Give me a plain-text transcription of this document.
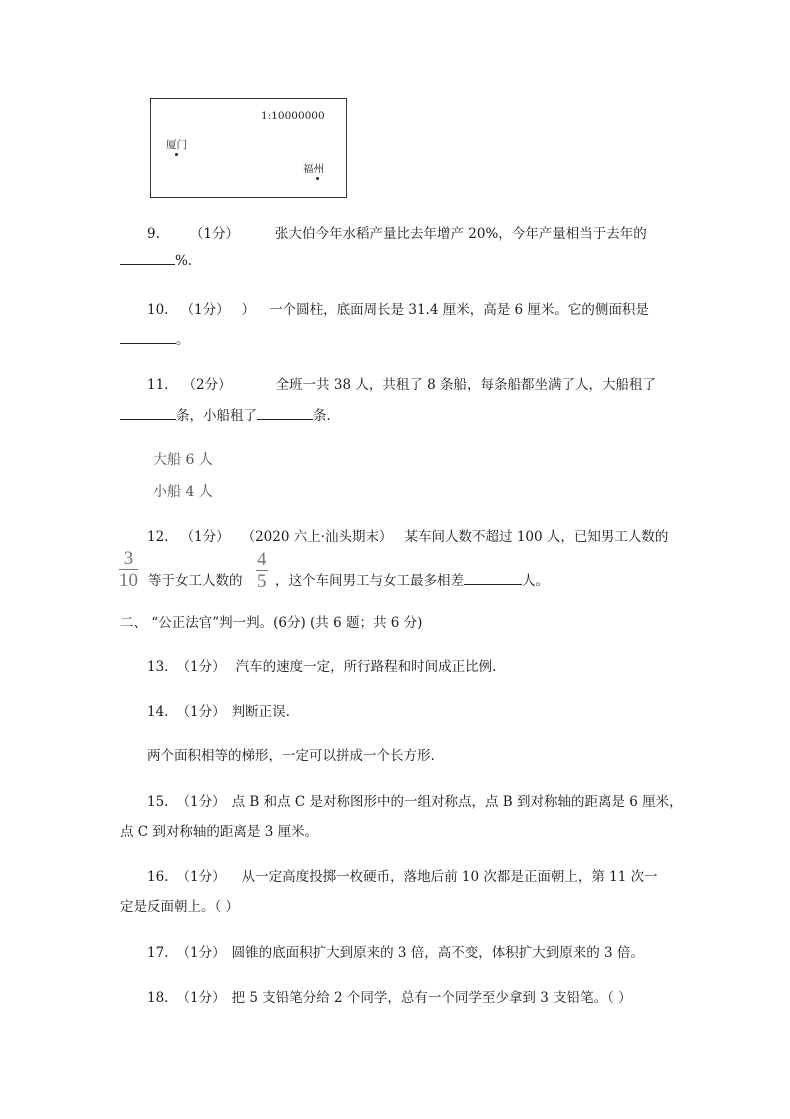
1:10000000
厦门
福州
9. （1分）	张大伯今年水稻产量比去年增产 20%，今年产量相当于去年的
%.
10. （1分） ） 一个圆柱，底面周长是 31.4 厘米，高是 6 厘米。它的侧面积是
。
11. （2分）	全班一共 38 人，共租了 8 条船，每条船都坐满了人，大船租了
条，小船租了	条.
大船 6 人
小船 4 人
12. （1分） （2020 六上·汕头期末） 某车间人数不超过 100 人，已知男工人数的
3
10 等于女工人数的
4
5 ，这个车间男工与女工最多相差	人。
二、 “公正法官”判一判。(6分) (共 6 题；共 6 分)
13. （1分） 汽车的速度一定，所行路程和时间成正比例.
14. （1分） 判断正误.
两个面积相等的梯形，一定可以拼成一个长方形.
15. （1分） 点 B 和点 C 是对称图形中的一组对称点，点 B 到对称轴的距离是 6 厘米，
点 C 到对称轴的距离是 3 厘米。
16. （1分） 从一定高度投掷一枚硬币，落地后前 10 次都是正面朝上，第 11 次一
定是反面朝上。（ ）
17. （1分） 圆锥的底面积扩大到原来的 3 倍，高不变，体积扩大到原来的 3 倍。
18. （1分） 把 5 支铅笔分给 2 个同学，总有一个同学至少拿到 3 支铅笔。（ ）
